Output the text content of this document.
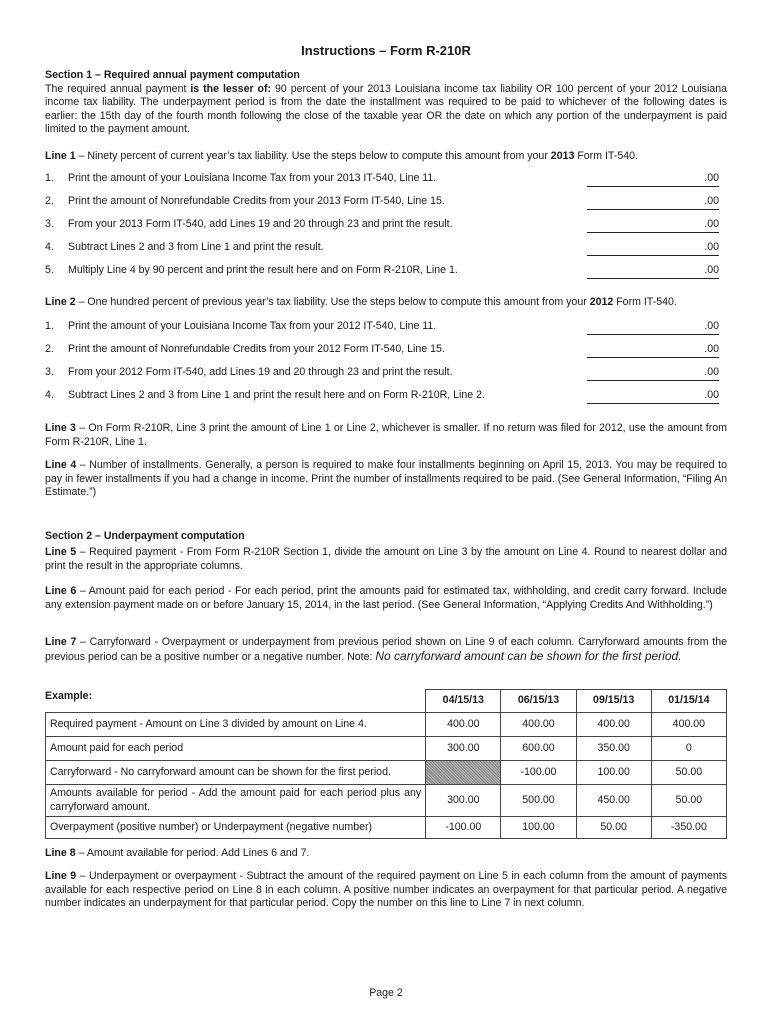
Instructions – Form R-210R
Section 1 – Required annual payment computation
The required annual payment is the lesser of: 90 percent of your 2013 Louisiana income tax liability OR 100 percent of your 2012 Louisiana income tax liability. The underpayment period is from the date the installment was required to be paid to whichever of the following dates is earlier: the 15th day of the fourth month following the close of the taxable year OR the date on which any portion of the underpayment is paid limited to the payment amount.
Line 1 – Ninety percent of current year’s tax liability. Use the steps below to compute this amount from your 2013 Form IT-540.
1. Print the amount of your Louisiana Income Tax from your 2013 IT-540, Line 11.	.00
2. Print the amount of Nonrefundable Credits from your 2013 Form IT-540, Line 15.	.00
3. From your 2013 Form IT-540, add Lines 19 and 20 through 23 and print the result.	.00
4. Subtract Lines 2 and 3 from Line 1 and print the result.	.00
5. Multiply Line 4 by 90 percent and print the result here and on Form R-210R, Line 1.	.00
Line 2 – One hundred percent of previous year’s tax liability. Use the steps below to compute this amount from your 2012 Form IT-540.
1. Print the amount of your Louisiana Income Tax from your 2012 IT-540, Line 11.	.00
2. Print the amount of Nonrefundable Credits from your 2012 Form IT-540, Line 15.	.00
3. From your 2012 Form IT-540, add Lines 19 and 20 through 23 and print the result.	.00
4. Subtract Lines 2 and 3 from Line 1 and print the result here and on Form R-210R, Line 2.	.00
Line 3 – On Form R-210R, Line 3 print the amount of Line 1 or Line 2, whichever is smaller. If no return was filed for 2012, use the amount from Form R-210R, Line 1.
Line 4 – Number of installments. Generally, a person is required to make four installments beginning on April 15, 2013. You may be required to pay in fewer installments if you had a change in income. Print the number of installments required to be paid. (See General Information, “Filing An Estimate.”)
Section 2 – Underpayment computation
Line 5 – Required payment - From Form R-210R Section 1, divide the amount on Line 3 by the amount on Line 4. Round to nearest dollar and print the result in the appropriate columns.
Line 6 – Amount paid for each period - For each period, print the amounts paid for estimated tax, withholding, and credit carry forward. Include any extension payment made on or before January 15, 2014, in the last period. (See General Information, “Applying Credits And Withholding.”)
Line 7 – Carryforward - Overpayment or underpayment from previous period shown on Line 9 of each column. Carryforward amounts from the previous period can be a positive number or a negative number. Note: No carryforward amount can be shown for the first period.
Example:
		04/15/13	06/15/13	09/15/13	01/15/14
Required payment - Amount on Line 3 divided by amount on Line 4.	400.00	400.00	400.00	400.00
Amount paid for each period	300.00	600.00	350.00	0
Carryforward - No carryforward amount can be shown for the first period.		-100.00	100.00	50.00
Amounts available for period - Add the amount paid for each period plus any carryforward amount.	300.00	500.00	450.00	50.00
Overpayment (positive number) or Underpayment (negative number)	-100.00	100.00	50.00	-350.00
Line 8 – Amount available for period. Add Lines 6 and 7.
Line 9 – Underpayment or overpayment - Subtract the amount of the required payment on Line 5 in each column from the amount of payments available for each respective period on Line 8 in each column. A positive number indicates an overpayment for that particular period. A negative number indicates an underpayment for that particular period. Copy the number on this line to Line 7 in next column.
Page 2
